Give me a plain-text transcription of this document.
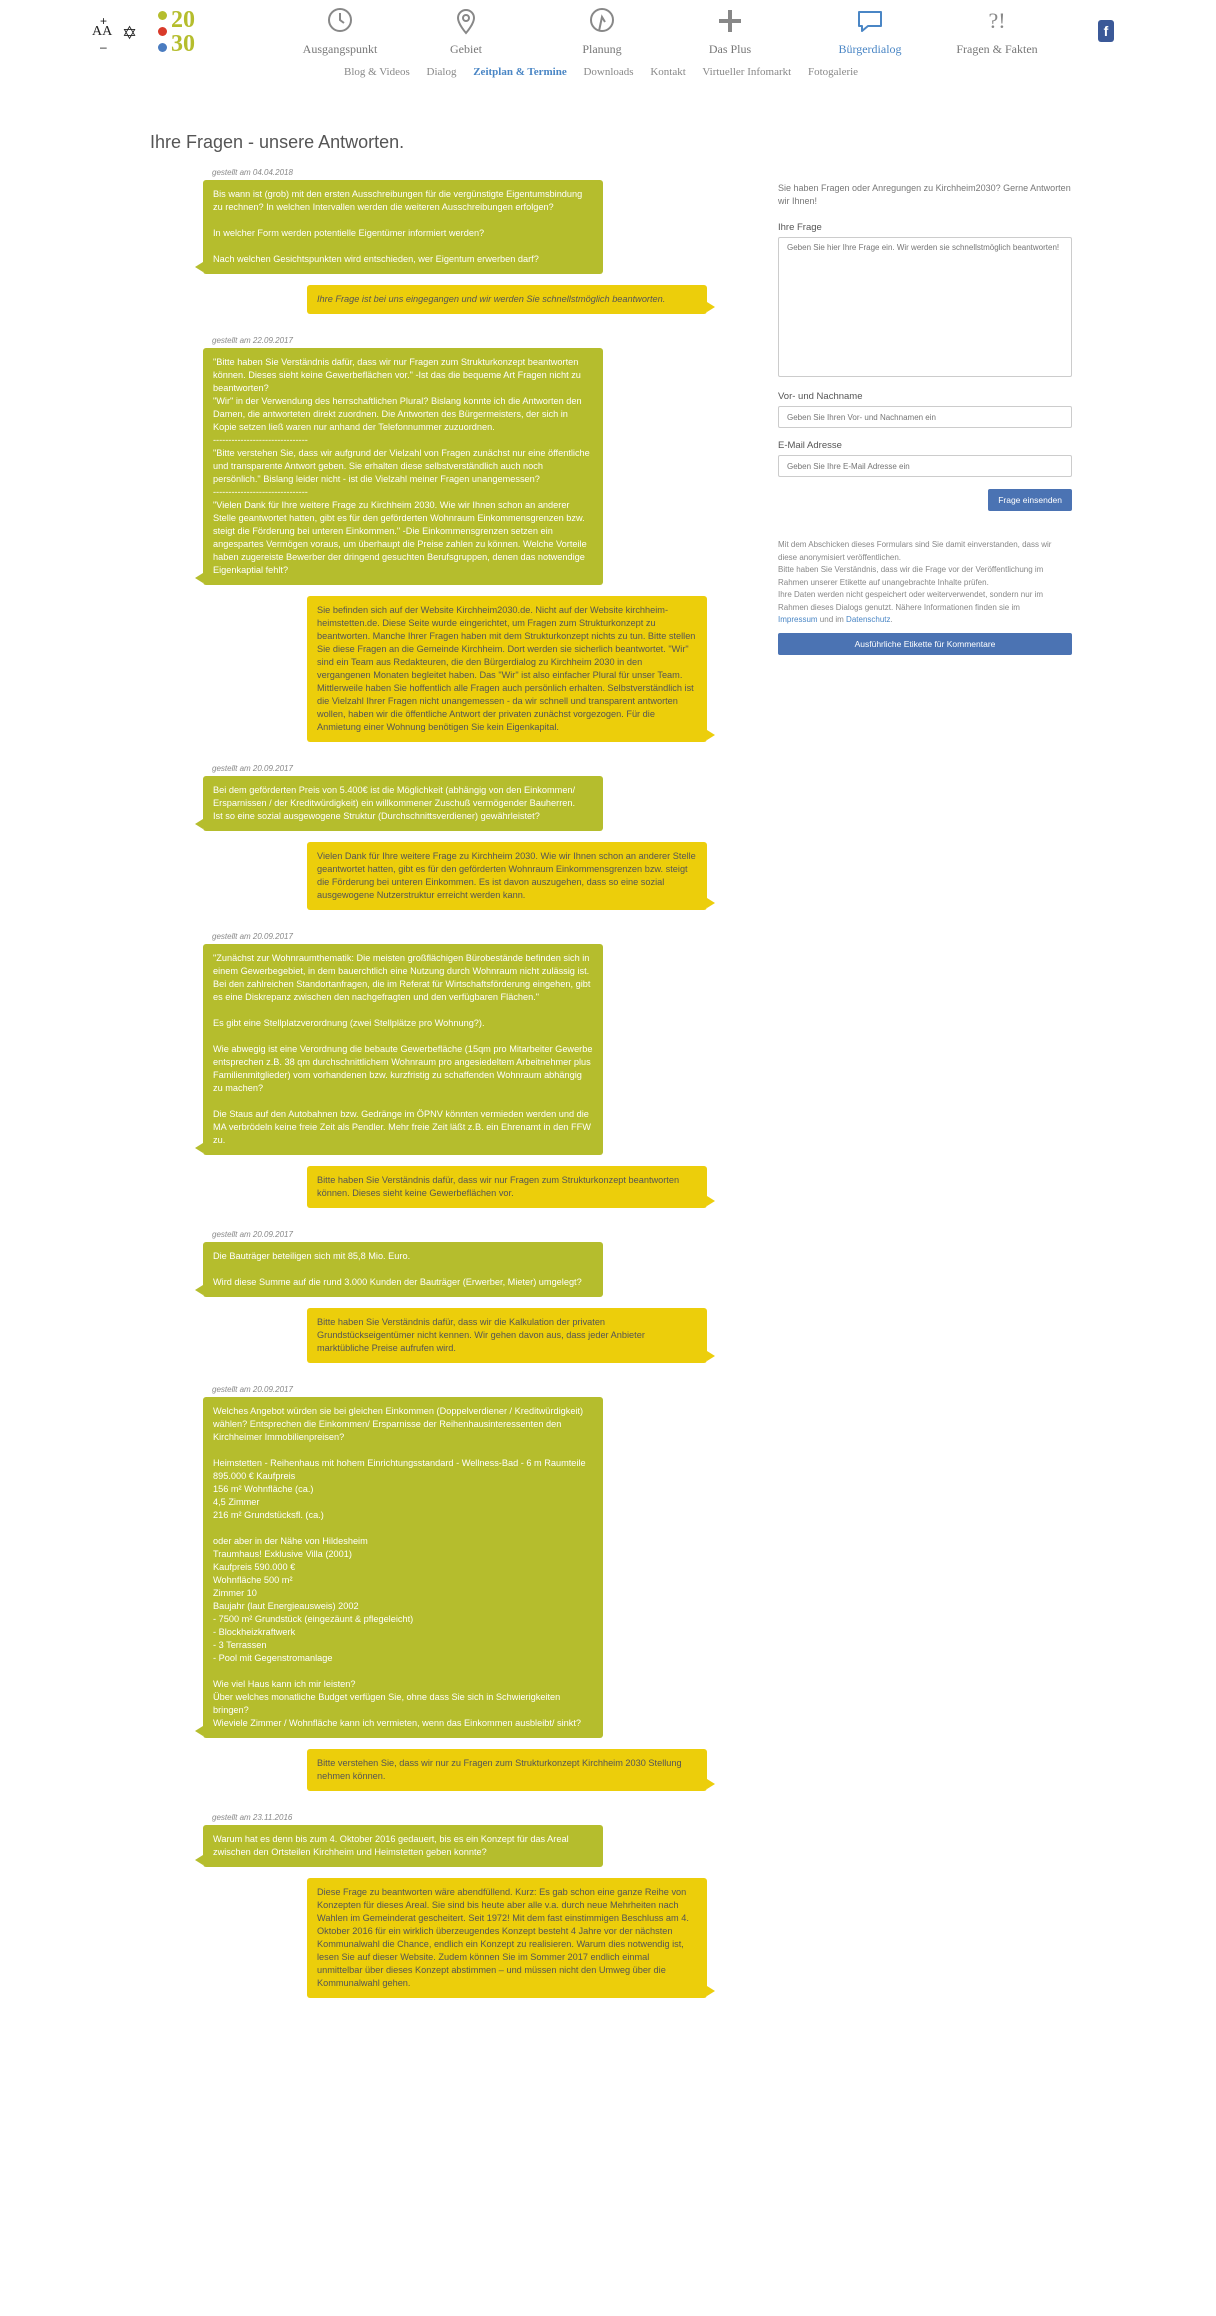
+
AA
–
✡ 20
30	Ausgangspunkt	Gebiet	Planung	Das Plus	Bürgerdialog
?!
Fragen & Fakten
f
Blog & Videos Dialog Zeitplan & Termine Downloads Kontakt Virtueller Infomarkt Fotogalerie
Ihre Fragen - unsere Antworten.
gestellt am 04.04.2018
Bis wann ist (grob) mit den ersten Ausschreibungen für die vergünstigte Eigentumsbindung zu rechnen? In welchen Intervallen werden die weiteren Ausschreibungen erfolgen?

In welcher Form werden potentielle Eigentümer informiert werden?

Nach welchen Gesichtspunkten wird entschieden, wer Eigentum erwerben darf?
Ihre Frage ist bei uns eingegangen und wir werden Sie schnellstmöglich beantworten.
gestellt am 22.09.2017
"Bitte haben Sie Verständnis dafür, dass wir nur Fragen zum Strukturkonzept beantworten können. Dieses sieht keine Gewerbeflächen vor." -Ist das die bequeme Art Fragen nicht zu beantworten?
"Wir" in der Verwendung des herrschaftlichen Plural? Bislang konnte ich die Antworten den Damen, die antworteten direkt zuordnen. Die Antworten des Bürgermeisters, der sich in Kopie setzen ließ waren nur anhand der Telefonnummer zuzuordnen.
-------------------------------
"Bitte verstehen Sie, dass wir aufgrund der Vielzahl von Fragen zunächst nur eine öffentliche und transparente Antwort geben. Sie erhalten diese selbstverständlich auch noch persönlich." Bislang leider nicht - ist die Vielzahl meiner Fragen unangemessen?
-------------------------------
"Vielen Dank für Ihre weitere Frage zu Kirchheim 2030. Wie wir Ihnen schon an anderer Stelle geantwortet hatten, gibt es für den geförderten Wohnraum Einkommensgrenzen bzw. steigt die Förderung bei unteren Einkommen." -Die Einkommensgrenzen setzen ein angespartes Vermögen voraus, um überhaupt die Preise zahlen zu können. Welche Vorteile haben zugereiste Bewerber der dringend gesuchten Berufsgruppen, denen das notwendige Eigenkaptial fehlt?
Sie befinden sich auf der Website Kirchheim2030.de. Nicht auf der Website kirchheim-heimstetten.de. Diese Seite wurde eingerichtet, um Fragen zum Strukturkonzept zu beantworten. Manche Ihrer Fragen haben mit dem Strukturkonzept nichts zu tun. Bitte stellen Sie diese Fragen an die Gemeinde Kirchheim. Dort werden sie sicherlich beantwortet. "Wir" sind ein Team aus Redakteuren, die den Bürgerdialog zu Kirchheim 2030 in den vergangenen Monaten begleitet haben. Das "Wir" ist also einfacher Plural für unser Team. Mittlerweile haben Sie hoffentlich alle Fragen auch persönlich erhalten. Selbstverständlich ist die Vielzahl Ihrer Fragen nicht unangemessen - da wir schnell und transparent antworten wollen, haben wir die öffentliche Antwort der privaten zunächst vorgezogen. Für die Anmietung einer Wohnung benötigen Sie kein Eigenkapital.
gestellt am 20.09.2017
Bei dem geförderten Preis von 5.400€ ist die Möglichkeit (abhängig von den Einkommen/ Ersparnissen / der Kreditwürdigkeit) ein willkommener Zuschuß vermögender Bauherren.
Ist so eine sozial ausgewogene Struktur (Durchschnittsverdiener) gewährleistet?
Vielen Dank für Ihre weitere Frage zu Kirchheim 2030. Wie wir Ihnen schon an anderer Stelle geantwortet hatten, gibt es für den geförderten Wohnraum Einkommensgrenzen bzw. steigt die Förderung bei unteren Einkommen. Es ist davon auszugehen, dass so eine sozial ausgewogene Nutzerstruktur erreicht werden kann.
gestellt am 20.09.2017
"Zunächst zur Wohnraumthematik: Die meisten großflächigen Bürobestände befinden sich in einem Gewerbegebiet, in dem bauerchtlich eine Nutzung durch Wohnraum nicht zulässig ist. Bei den zahlreichen Standortanfragen, die im Referat für Wirtschaftsförderung eingehen, gibt es eine Diskrepanz zwischen den nachgefragten und den verfügbaren Flächen."

Es gibt eine Stellplatzverordnung (zwei Stellplätze pro Wohnung?).

Wie abwegig ist eine Verordnung die bebaute Gewerbefläche (15qm pro Mitarbeiter Gewerbe entsprechen z.B. 38 qm durchschnittlichem Wohnraum pro angesiedeltem Arbeitnehmer plus Familienmitglieder) vom vorhandenen bzw. kurzfristig zu schaffenden Wohnraum abhängig zu machen?

Die Staus auf den Autobahnen bzw. Gedränge im ÖPNV könnten vermieden werden und die MA verbrödeln keine freie Zeit als Pendler. Mehr freie Zeit läßt z.B. ein Ehrenamt in den FFW zu.
Bitte haben Sie Verständnis dafür, dass wir nur Fragen zum Strukturkonzept beantworten können. Dieses sieht keine Gewerbeflächen vor.
gestellt am 20.09.2017
Die Bauträger beteiligen sich mit 85,8 Mio. Euro.

Wird diese Summe auf die rund 3.000 Kunden der Bauträger (Erwerber, Mieter) umgelegt?
Bitte haben Sie Verständnis dafür, dass wir die Kalkulation der privaten Grundstückseigentümer nicht kennen. Wir gehen davon aus, dass jeder Anbieter marktübliche Preise aufrufen wird.
gestellt am 20.09.2017
Welches Angebot würden sie bei gleichen Einkommen (Doppelverdiener / Kreditwürdigkeit) wählen? Entsprechen die Einkommen/ Ersparnisse der Reihenhausinteressenten den Kirchheimer Immobilienpreisen?

Heimstetten - Reihenhaus mit hohem Einrichtungsstandard - Wellness-Bad - 6 m Raumteile
895.000 € Kaufpreis
156 m² Wohnfläche (ca.)
4,5 Zimmer
216 m² Grundstücksfl. (ca.)

oder aber in der Nähe von Hildesheim
Traumhaus! Exklusive Villa (2001)
Kaufpreis 590.000 €
Wohnfläche 500 m²
Zimmer 10
Baujahr (laut Energieausweis) 2002
- 7500 m² Grundstück (eingezäunt & pflegeleicht)
- Blockheizkraftwerk
- 3 Terrassen
- Pool mit Gegenstromanlage

Wie viel Haus kann ich mir leisten?
Über welches monatliche Budget verfügen Sie, ohne dass Sie sich in Schwierigkeiten bringen?
Wieviele Zimmer / Wohnfläche kann ich vermieten, wenn das Einkommen ausbleibt/ sinkt?
Bitte verstehen Sie, dass wir nur zu Fragen zum Strukturkonzept Kirchheim 2030 Stellung nehmen können.
gestellt am 23.11.2016
Warum hat es denn bis zum 4. Oktober 2016 gedauert, bis es ein Konzept für das Areal zwischen den Ortsteilen Kirchheim und Heimstetten geben konnte?
Diese Frage zu beantworten wäre abendfüllend. Kurz: Es gab schon eine ganze Reihe von Konzepten für dieses Areal. Sie sind bis heute aber alle v.a. durch neue Mehrheiten nach Wahlen im Gemeinderat gescheitert. Seit 1972! Mit dem fast einstimmigen Beschluss am 4. Oktober 2016 für ein wirklich überzeugendes Konzept besteht 4 Jahre vor der nächsten Kommunalwahl die Chance, endlich ein Konzept zu realisieren. Warum dies notwendig ist, lesen Sie auf dieser Website. Zudem können Sie im Sommer 2017 endlich einmal unmittelbar über dieses Konzept abstimmen – und müssen nicht den Umweg über die Kommunalwahl gehen.

Sie haben Fragen oder Anregungen zu Kirchheim2030? Gerne Antworten wir Ihnen!

Ihre Frage
Geben Sie hier Ihre Frage ein. Wir werden sie schnellstmöglich beantworten!
Vor- und Nachname
Geben Sie Ihren Vor- und Nachnamen ein
E-Mail Adresse
Geben Sie Ihre E-Mail Adresse ein
Frage einsenden

Mit dem Abschicken dieses Formulars sind Sie damit einverstanden, dass wir diese anonymisiert veröffentlichen.
Bitte haben Sie Verständnis, dass wir die Frage vor der Veröffentlichung im Rahmen unserer Etikette auf unangebrachte Inhalte prüfen.
Ihre Daten werden nicht gespeichert oder weiterverwendet, sondern nur im Rahmen dieses Dialogs genutzt. Nähere Informationen finden sie im
Impressum und im Datenschutz.

Ausführliche Etikette für Kommentare
